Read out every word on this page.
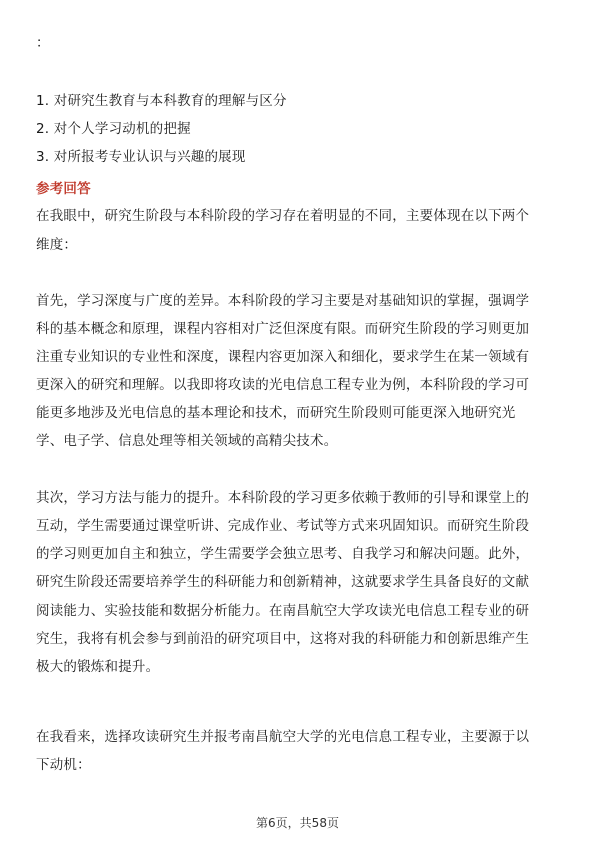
：
1. 对研究生教育与本科教育的理解与区分
2. 对个人学习动机的把握
3. 对所报考专业认识与兴趣的展现
参考回答
在我眼中，研究生阶段与本科阶段的学习存在着明显的不同，主要体现在以下两个
维度：
首先，学习深度与广度的差异。本科阶段的学习主要是对基础知识的掌握，强调学
科的基本概念和原理，课程内容相对广泛但深度有限。而研究生阶段的学习则更加
注重专业知识的专业性和深度，课程内容更加深入和细化，要求学生在某一领域有
更深入的研究和理解。以我即将攻读的光电信息工程专业为例，本科阶段的学习可
能更多地涉及光电信息的基本理论和技术，而研究生阶段则可能更深入地研究光
学、电子学、信息处理等相关领域的高精尖技术。
其次，学习方法与能力的提升。本科阶段的学习更多依赖于教师的引导和课堂上的
互动，学生需要通过课堂听讲、完成作业、考试等方式来巩固知识。而研究生阶段
的学习则更加自主和独立，学生需要学会独立思考、自我学习和解决问题。此外，
研究生阶段还需要培养学生的科研能力和创新精神，这就要求学生具备良好的文献
阅读能力、实验技能和数据分析能力。在南昌航空大学攻读光电信息工程专业的研
究生，我将有机会参与到前沿的研究项目中，这将对我的科研能力和创新思维产生
极大的锻炼和提升。
在我看来，选择攻读研究生并报考南昌航空大学的光电信息工程专业，主要源于以
下动机：
第6页，共58页
